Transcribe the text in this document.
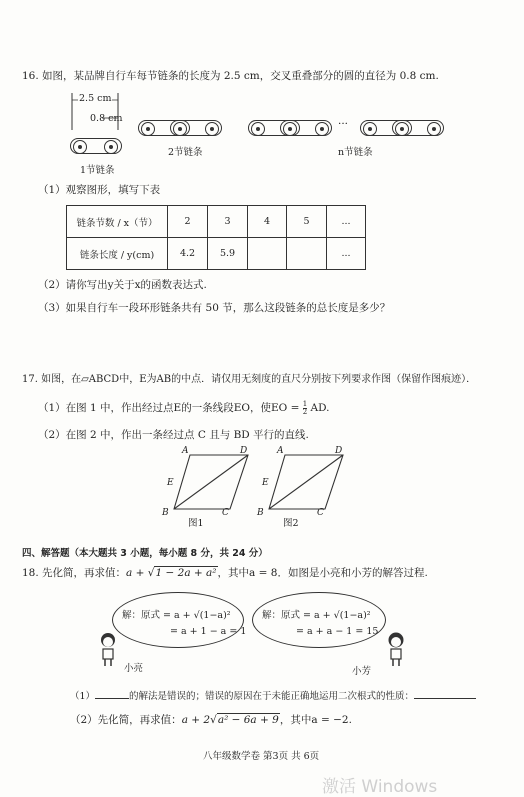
16. 如图，某品牌自行车每节链条的长度为 2.5 cm，交叉重叠部分的圆的直径为 0.8 cm.
2.5 cm
0.8 cm
1节链条
2节链条
···
n节链条
（1）观察图形，填写下表
链条节数 / x（节）	2	3	4	5	...
链条长度 / y(cm)	4.2	5.9			...
（2）请你写出y关于x的函数表达式.
（3）如果自行车一段环形链条共有 50 节，那么这段链条的总长度是多少？
17. 如图，在▱ABCD中，E为AB的中点．请仅用无刻度的直尺分别按下列要求作图（保留作图痕迹）．
（1）在图 1 中，作出经过点E的一条线段EO，使EO = $\frac{1}{2}$ AD.
（2）在图 2 中，作出一条经过点 C 且与 BD 平行的直线.
A	D
E
B	C
图1
A	D
E
B	C
图2
四、解答题（本大题共 3 小题，每小题 8 分，共 24 分）
18. 先化简，再求值：a + √1 − 2a + a²，其中a = 8．如图是小亮和小芳的解答过程.
解：原式 = a + √(1−a)²
= a + 1 − a = 1
解：原式 = a + √(1−a)²
= a + a − 1 = 15
小亮	小芳
（1）	的解法是错误的；错误的原因在于未能正确地运用二次根式的性质：
（2）先化简，再求值：a + 2√a² − 6a + 9，其中a = −2.
八年级数学卷 第3页 共 6页
激活 Windows
